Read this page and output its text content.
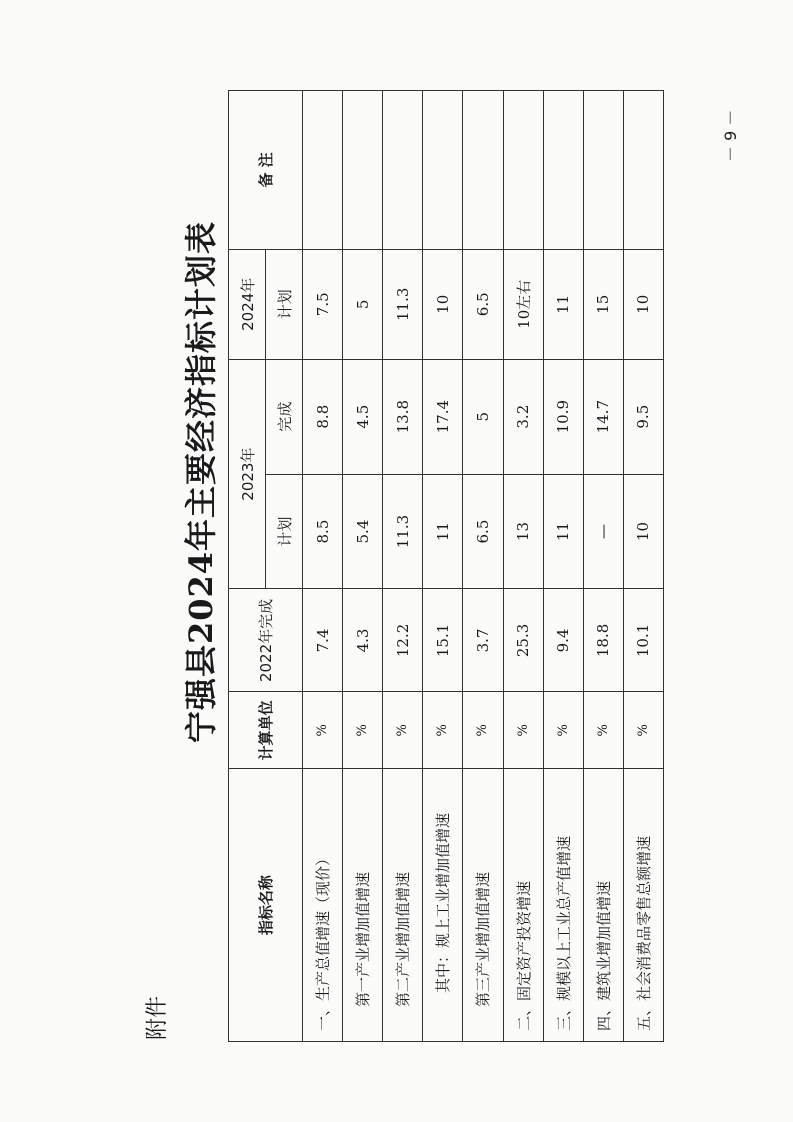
附件
宁强县2024年主要经济指标计划表
指标名称	计算单位	2022年完成	2023年		2024年	备 注
			计划	完成	计划	
一、生产总值增速（现价）	%	7.4	8.5	8.8	7.5	
第一产业增加值增速	%	4.3	5.4	4.5	5	
第二产业增加值增速	%	12.2	11.3	13.8	11.3	
其中：规上工业增加值增速	%	15.1	11	17.4	10	
第三产业增加值增速	%	3.7	6.5	5	6.5	
二、固定资产投资增速	%	25.3	13	3.2	10左右	
三、规模以上工业总产值增速	%	9.4	11	10.9	11	
四、建筑业增加值增速	%	18.8	—	14.7	15	
五、社会消费品零售总额增速	%	10.1	10	9.5	10	
－ 9 －
